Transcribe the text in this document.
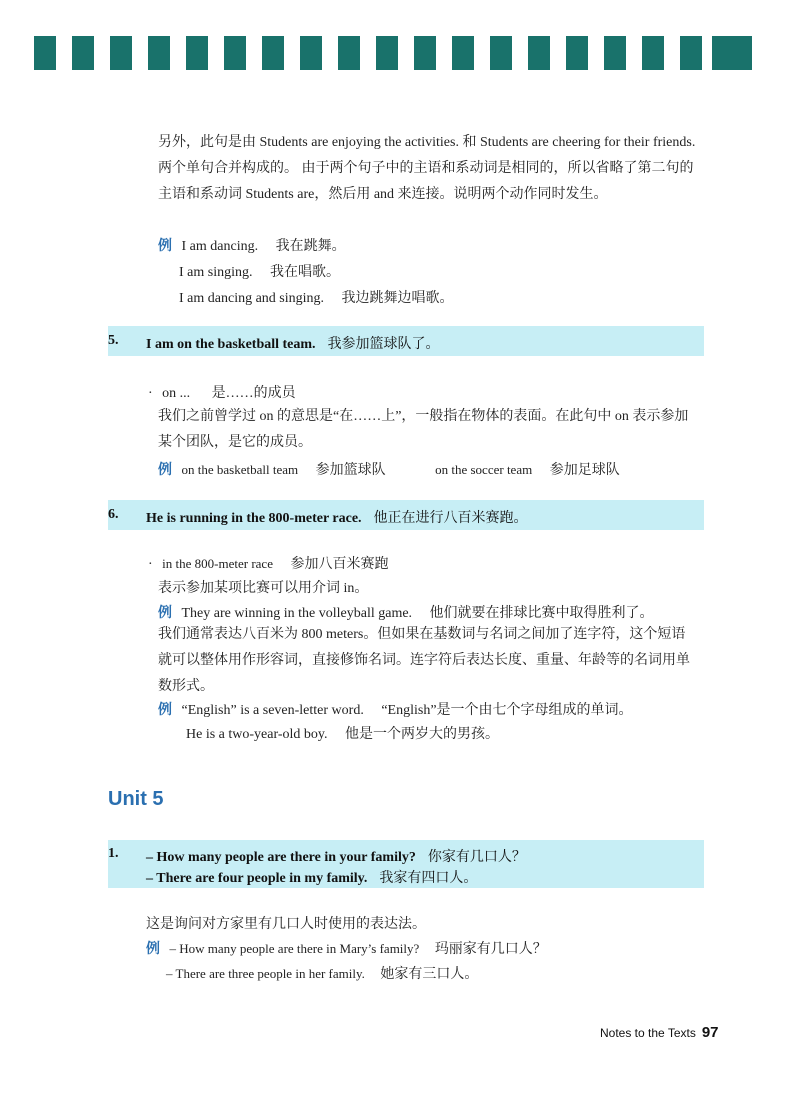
另外，此句是由 Students are enjoying the activities. 和 Students are cheering for their friends. 两个单句合并构成的。 由于两个句子中的主语和系动词是相同的，所以省略了第二句的主语和系动词 Students are，然后用 and 来连接。说明两个动作同时发生。
例 I am dancing. 我在跳舞。
I am singing. 我在唱歌。
I am dancing and singing. 我边跳舞边唱歌。
5. I am on the basketball team. 我参加篮球队了。
· on ... 是……的成员
我们之前曾学过 on 的意思是“在……上”，一般指在物体的表面。在此句中 on 表示参加某个团队，是它的成员。
例 on the basketball team 参加篮球队	on the soccer team 参加足球队
6. He is running in the 800-meter race. 他正在进行八百米赛跑。
· in the 800-meter race 参加八百米赛跑
表示参加某项比赛可以用介词 in。
例 They are winning in the volleyball game. 他们就要在排球比赛中取得胜利了。
我们通常表达八百米为 800 meters。但如果在基数词与名词之间加了连字符，这个短语就可以整体用作形容词，直接修饰名词。连字符后表达长度、重量、年龄等的名词用单数形式。
例 “English” is a seven-letter word. “English”是一个由七个字母组成的单词。
He is a two-year-old boy. 他是一个两岁大的男孩。
Unit 5
1. – How many people are there in your family? 你家有几口人？
– There are four people in my family. 我家有四口人。
这是询问对方家里有几口人时使用的表达法。
例 – How many people are there in Mary’s family? 玛丽家有几口人？
– There are three people in her family. 她家有三口人。
Notes to the Texts 97
